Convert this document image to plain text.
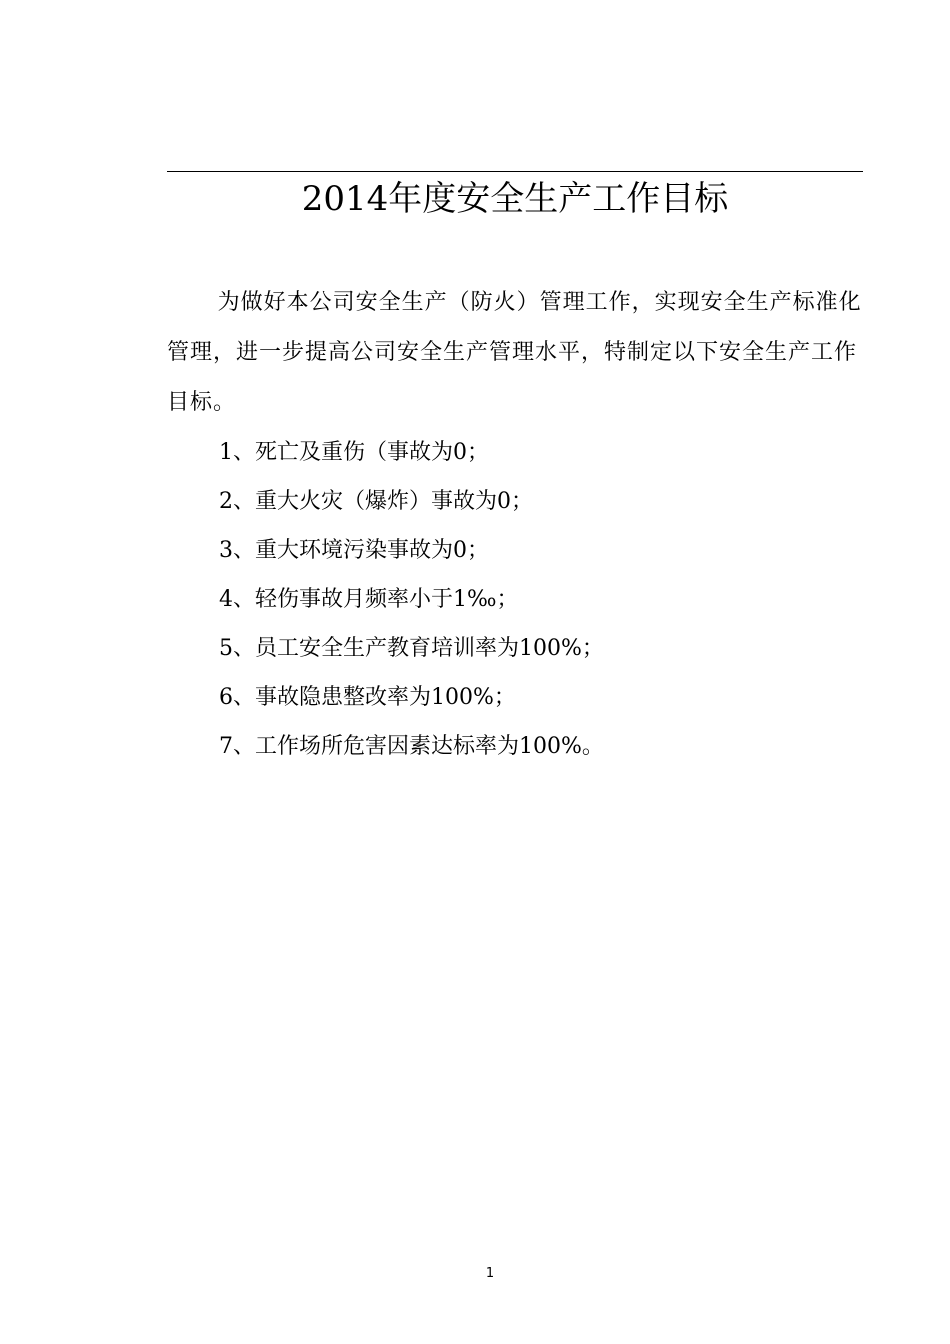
2014年度安全生产工作目标

为做好本公司安全生产（防火）管理工作，实现安全生产标准化管理，进一步提高公司安全生产管理水平，特制定以下安全生产工作目标。

1、死亡及重伤（事故为0；
2、重大火灾（爆炸）事故为0；
3、重大环境污染事故为0；
4、轻伤事故月频率小于1‰；
5、员工安全生产教育培训率为100%；
6、事故隐患整改率为100%；
7、工作场所危害因素达标率为100%。
1
